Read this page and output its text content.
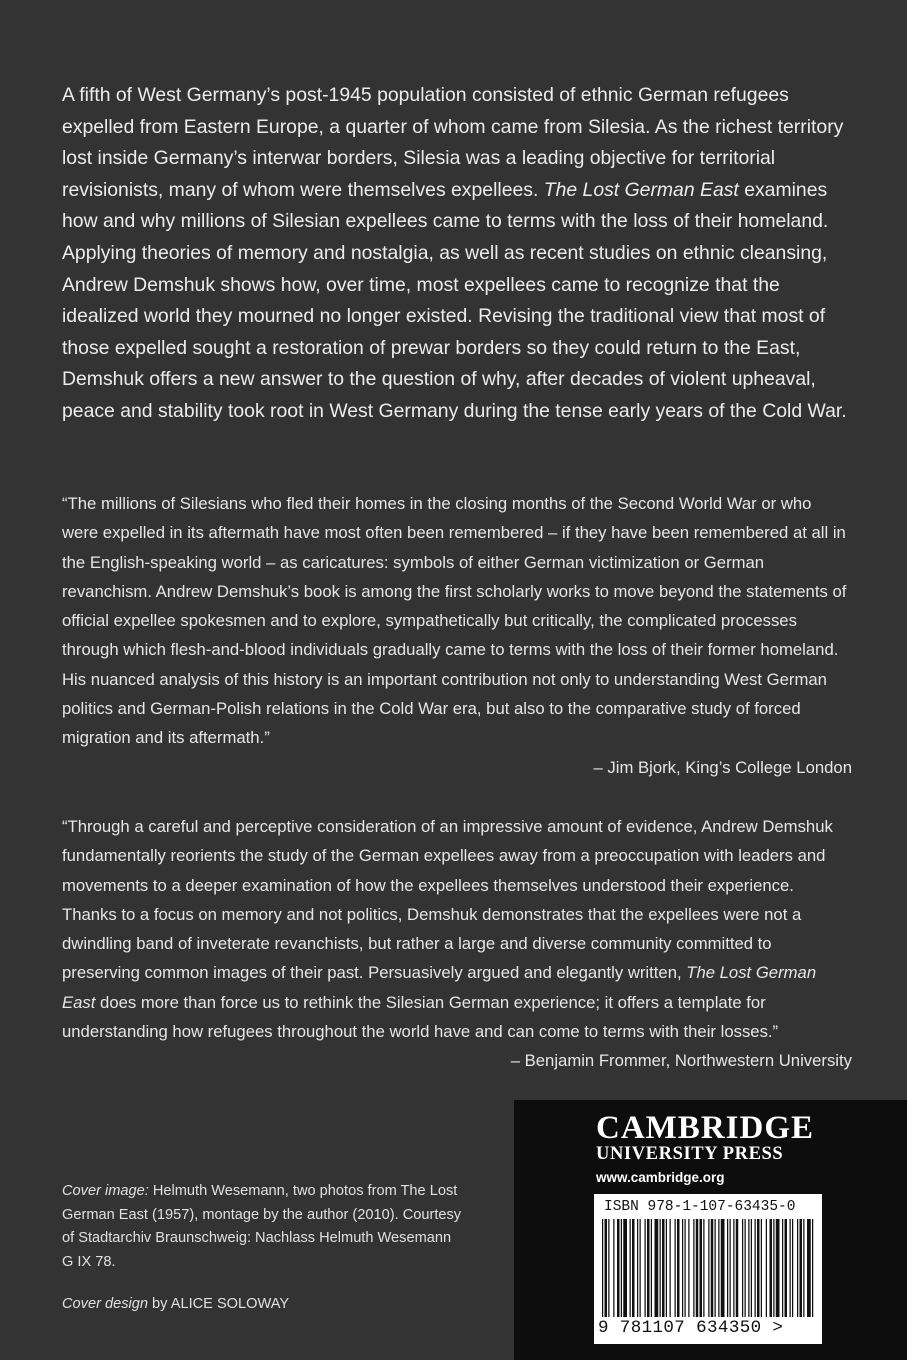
A fifth of West Germany’s post-1945 population consisted of ethnic German refugees expelled from Eastern Europe, a quarter of whom came from Silesia. As the richest territory lost inside Germany’s interwar borders, Silesia was a leading objective for territorial revisionists, many of whom were themselves expellees. The Lost German East examines how and why millions of Silesian expellees came to terms with the loss of their homeland. Applying theories of memory and nostalgia, as well as recent studies on ethnic cleansing, Andrew Demshuk shows how, over time, most expellees came to recognize that the idealized world they mourned no longer existed. Revising the traditional view that most of those expelled sought a restoration of prewar borders so they could return to the East, Demshuk offers a new answer to the question of why, after decades of violent upheaval, peace and stability took root in West Germany during the tense early years of the Cold War.

“The millions of Silesians who fled their homes in the closing months of the Second World War or who were expelled in its aftermath have most often been remembered – if they have been remembered at all in the English-speaking world – as caricatures: symbols of either German victimization or German revanchism. Andrew Demshuk’s book is among the first scholarly works to move beyond the statements of official expellee spokesmen and to explore, sympathetically but critically, the complicated processes through which flesh-and-blood individuals gradually came to terms with the loss of their former homeland. His nuanced analysis of this history is an important contribution not only to understanding West German politics and German-Polish relations in the Cold War era, but also to the comparative study of forced migration and its aftermath.”
– Jim Bjork, King’s College London

“Through a careful and perceptive consideration of an impressive amount of evidence, Andrew Demshuk fundamentally reorients the study of the German expellees away from a preoccupation with leaders and movements to a deeper examination of how the expellees themselves understood their experience. Thanks to a focus on memory and not politics, Demshuk demonstrates that the expellees were not a dwindling band of inveterate revanchists, but rather a large and diverse community committed to preserving common images of their past. Persuasively argued and elegantly written, The Lost German East does more than force us to rethink the Silesian German experience; it offers a template for understanding how refugees throughout the world have and can come to terms with their losses.”
– Benjamin Frommer, Northwestern University

Cover image: Helmuth Wesemann, two photos from The Lost German East (1957), montage by the author (2010). Courtesy of Stadtarchiv Braunschweig: Nachlass Helmuth Wesemann G IX 78.
Cover design by ALICE SOLOWAY
CAMBRIDGE
UNIVERSITY PRESS
www.cambridge.org
ISBN 978-1-107-63435-0
9 781107 634350 >
